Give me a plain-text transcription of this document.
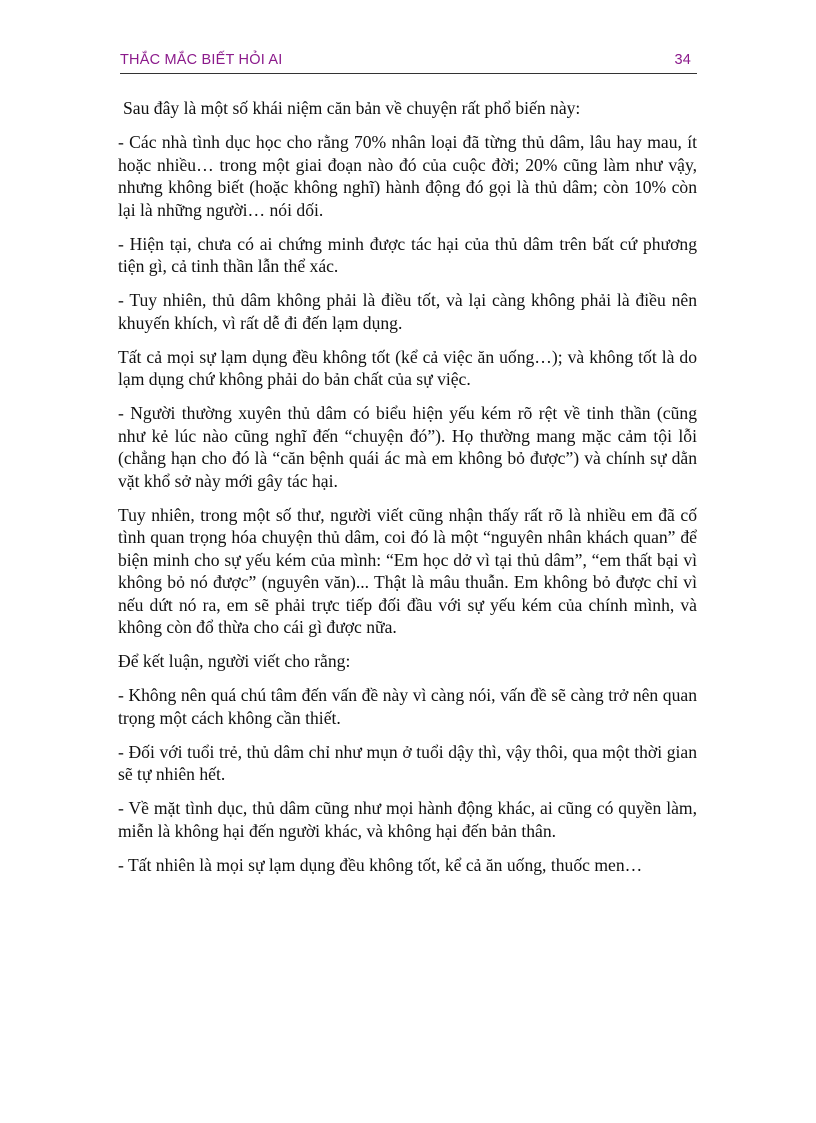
THẮC MẮC BIẾT HỎI AI	34

Sau đây là một số khái niệm căn bản về chuyện rất phổ biến này:

- Các nhà tình dục học cho rằng 70% nhân loại đã từng thủ dâm, lâu hay mau, ít hoặc nhiều… trong một giai đoạn nào đó của cuộc đời; 20% cũng làm như vậy, nhưng không biết (hoặc không nghĩ) hành động đó gọi là thủ dâm; còn 10% còn lại là những người… nói dối.

- Hiện tại, chưa có ai chứng minh được tác hại của thủ dâm trên bất cứ phương tiện gì, cả tinh thần lẫn thể xác.

- Tuy nhiên, thủ dâm không phải là điều tốt, và lại càng không phải là điều nên khuyến khích, vì rất dễ đi đến lạm dụng.

Tất cả mọi sự lạm dụng đều không tốt (kể cả việc ăn uống…); và không tốt là do lạm dụng chứ không phải do bản chất của sự việc.

- Người thường xuyên thủ dâm có biểu hiện yếu kém rõ rệt về tinh thần (cũng như kẻ lúc nào cũng nghĩ đến “chuyện đó”). Họ thường mang mặc cảm tội lỗi (chẳng hạn cho đó là “căn bệnh quái ác mà em không bỏ được”) và chính sự dằn vặt khổ sở này mới gây tác hại.

Tuy nhiên, trong một số thư, người viết cũng nhận thấy rất rõ là nhiều em đã cố tình quan trọng hóa chuyện thủ dâm, coi đó là một “nguyên nhân khách quan” để biện minh cho sự yếu kém của mình: “Em học dở vì tại thủ dâm”, “em thất bại vì không bỏ nó được” (nguyên văn)... Thật là mâu thuẫn. Em không bỏ được chỉ vì nếu dứt nó ra, em sẽ phải trực tiếp đối đầu với sự yếu kém của chính mình, và không còn đổ thừa cho cái gì được nữa.

Để kết luận, người viết cho rằng:

- Không nên quá chú tâm đến vấn đề này vì càng nói, vấn đề sẽ càng trở nên quan trọng một cách không cần thiết.

- Đối với tuổi trẻ, thủ dâm chỉ như mụn ở tuổi dậy thì, vậy thôi, qua một thời gian sẽ tự nhiên hết.

- Về mặt tình dục, thủ dâm cũng như mọi hành động khác, ai cũng có quyền làm, miễn là không hại đến người khác, và không hại đến bản thân.

- Tất nhiên là mọi sự lạm dụng đều không tốt, kể cả ăn uống, thuốc men…
